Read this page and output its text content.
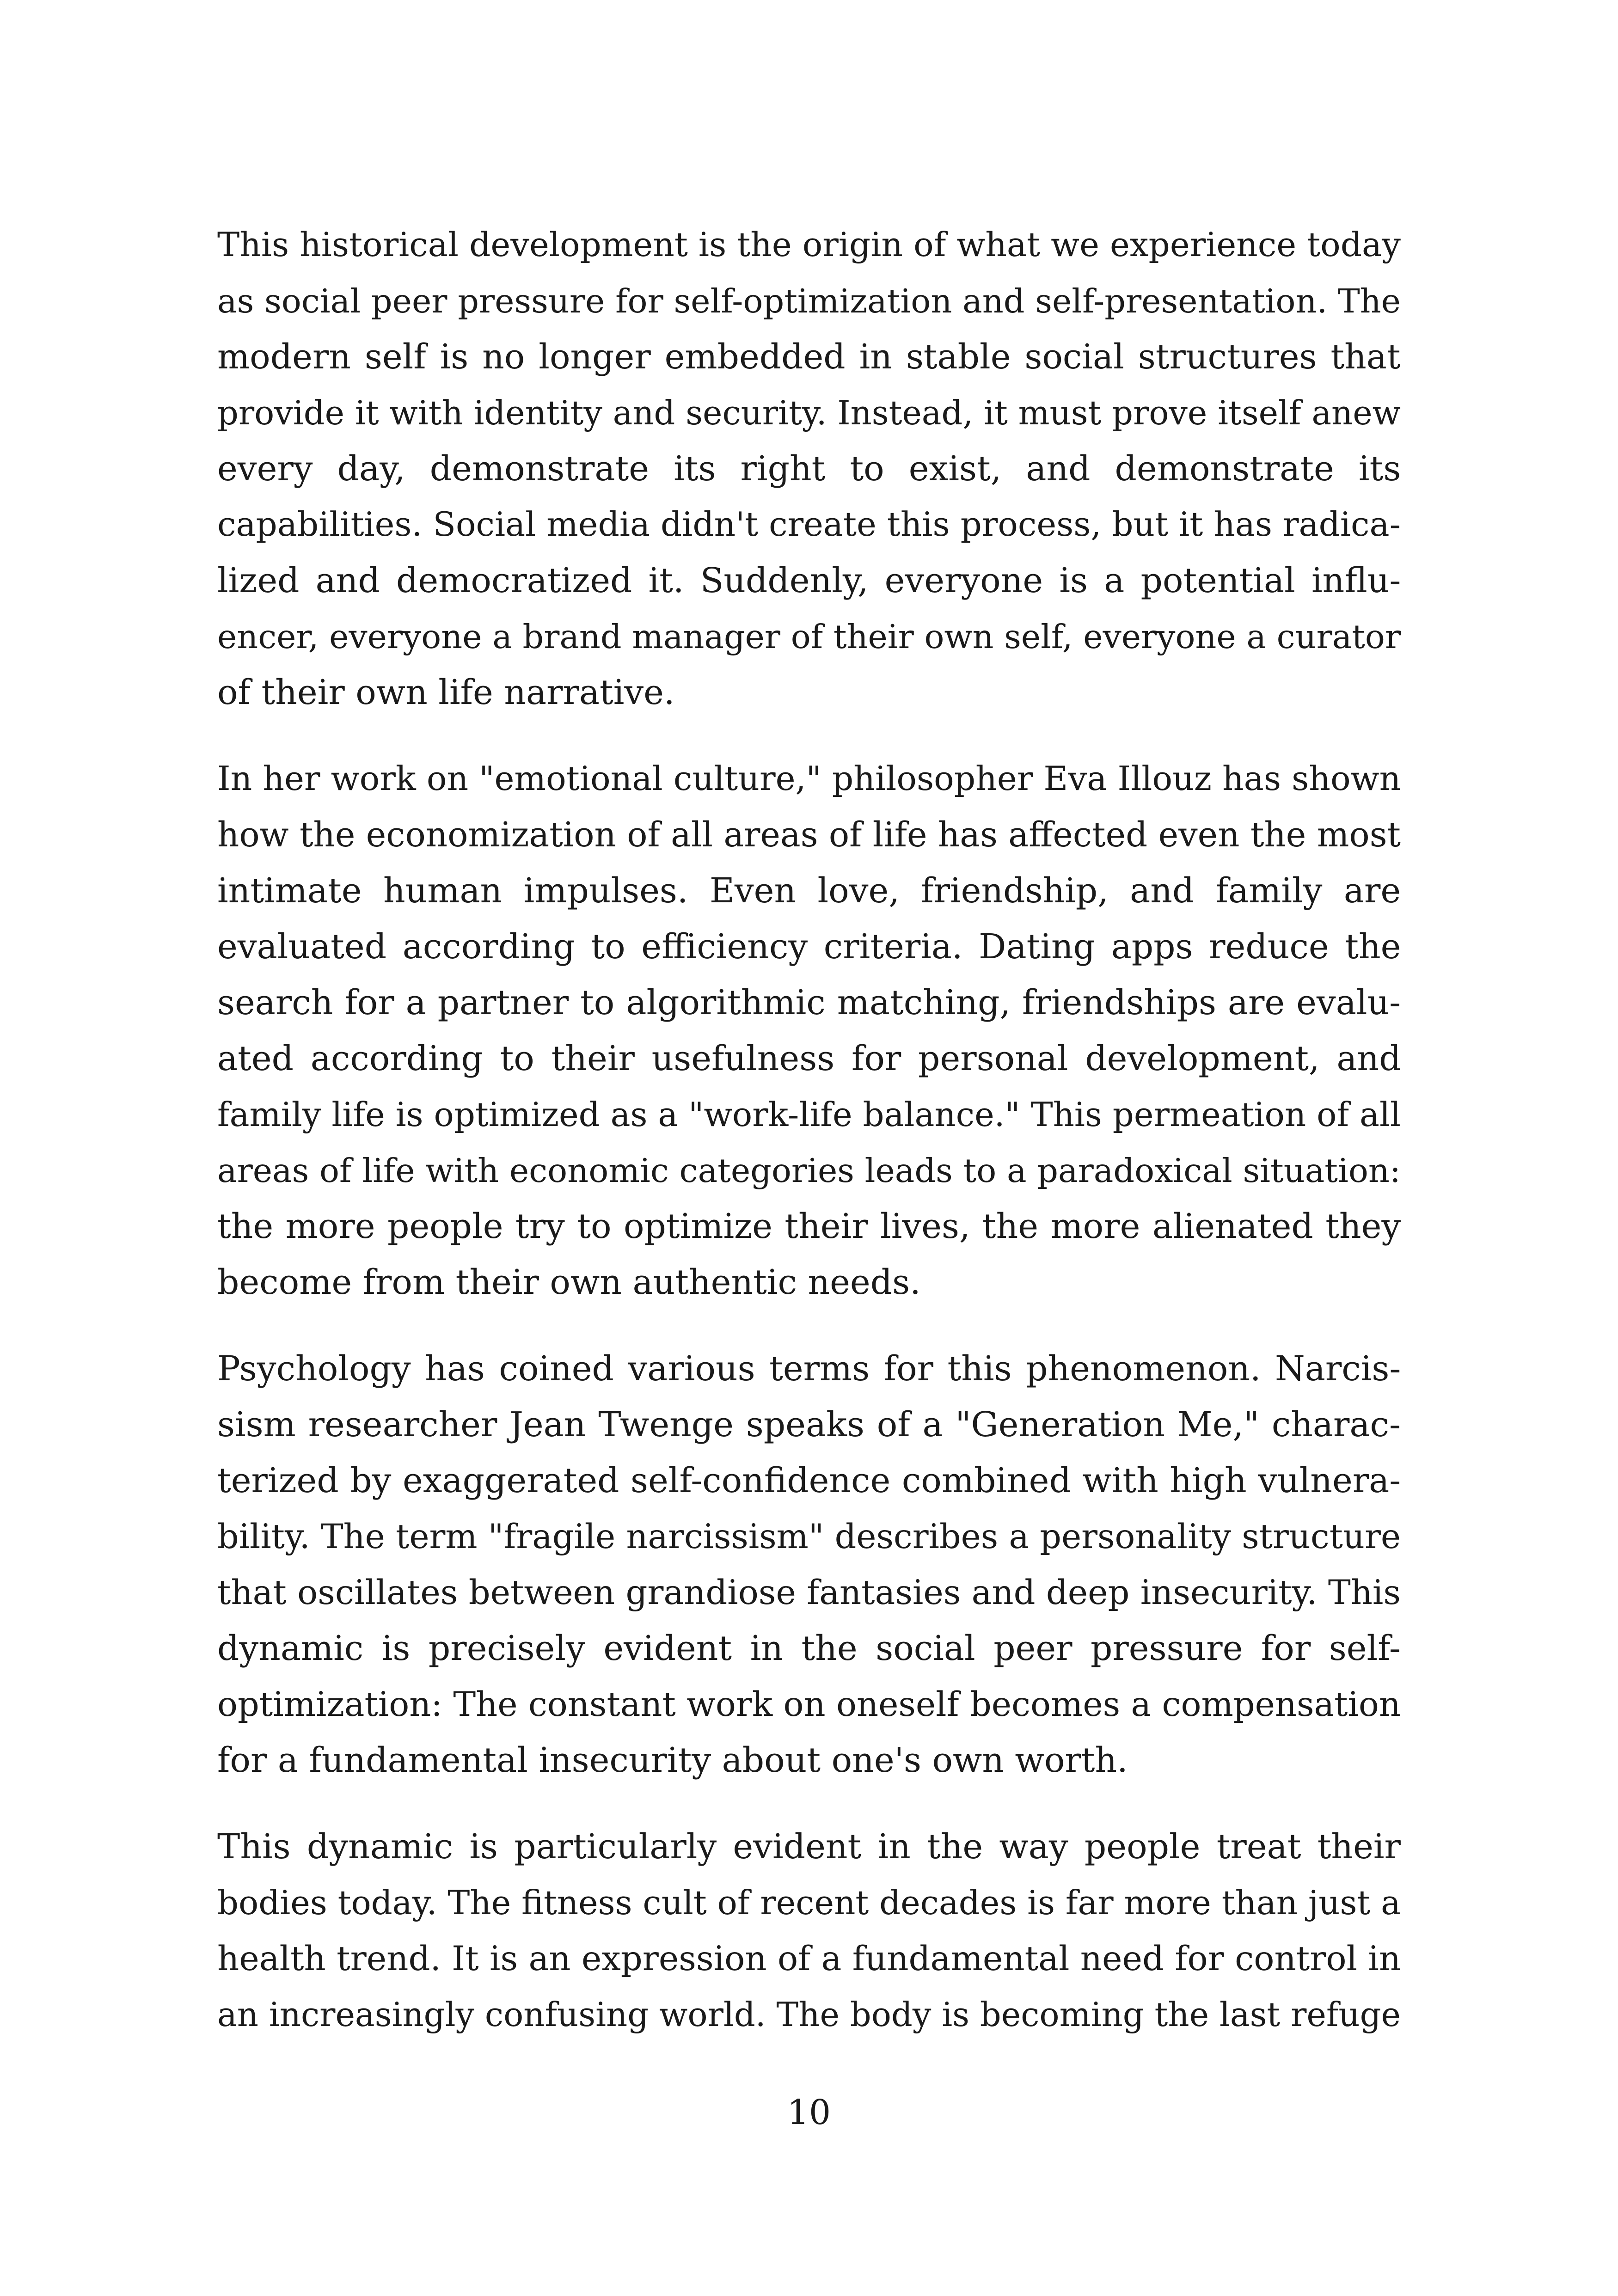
This historical development is the origin of what we experience today
as social peer pressure for self-optimization and self-presentation. The
modern self is no longer embedded in stable social structures that
provide it with identity and security. Instead, it must prove itself anew
every day, demonstrate its right to exist, and demonstrate its
capabilities. Social media didn't create this process, but it has radica-
lized and democratized it. Suddenly, everyone is a potential influ-
encer, everyone a brand manager of their own self, everyone a curator
of their own life narrative.
In her work on "emotional culture," philosopher Eva Illouz has shown
how the economization of all areas of life has affected even the most
intimate human impulses. Even love, friendship, and family are
evaluated according to efficiency criteria. Dating apps reduce the
search for a partner to algorithmic matching, friendships are evalu-
ated according to their usefulness for personal development, and
family life is optimized as a "work-life balance." This permeation of all
areas of life with economic categories leads to a paradoxical situation:
the more people try to optimize their lives, the more alienated they
become from their own authentic needs.
Psychology has coined various terms for this phenomenon. Narcis-
sism researcher Jean Twenge speaks of a "Generation Me," charac-
terized by exaggerated self-confidence combined with high vulnera-
bility. The term "fragile narcissism" describes a personality structure
that oscillates between grandiose fantasies and deep insecurity. This
dynamic is precisely evident in the social peer pressure for self-
optimization: The constant work on oneself becomes a compensation
for a fundamental insecurity about one's own worth.
This dynamic is particularly evident in the way people treat their
bodies today. The fitness cult of recent decades is far more than just a
health trend. It is an expression of a fundamental need for control in
an increasingly confusing world. The body is becoming the last refuge
10
